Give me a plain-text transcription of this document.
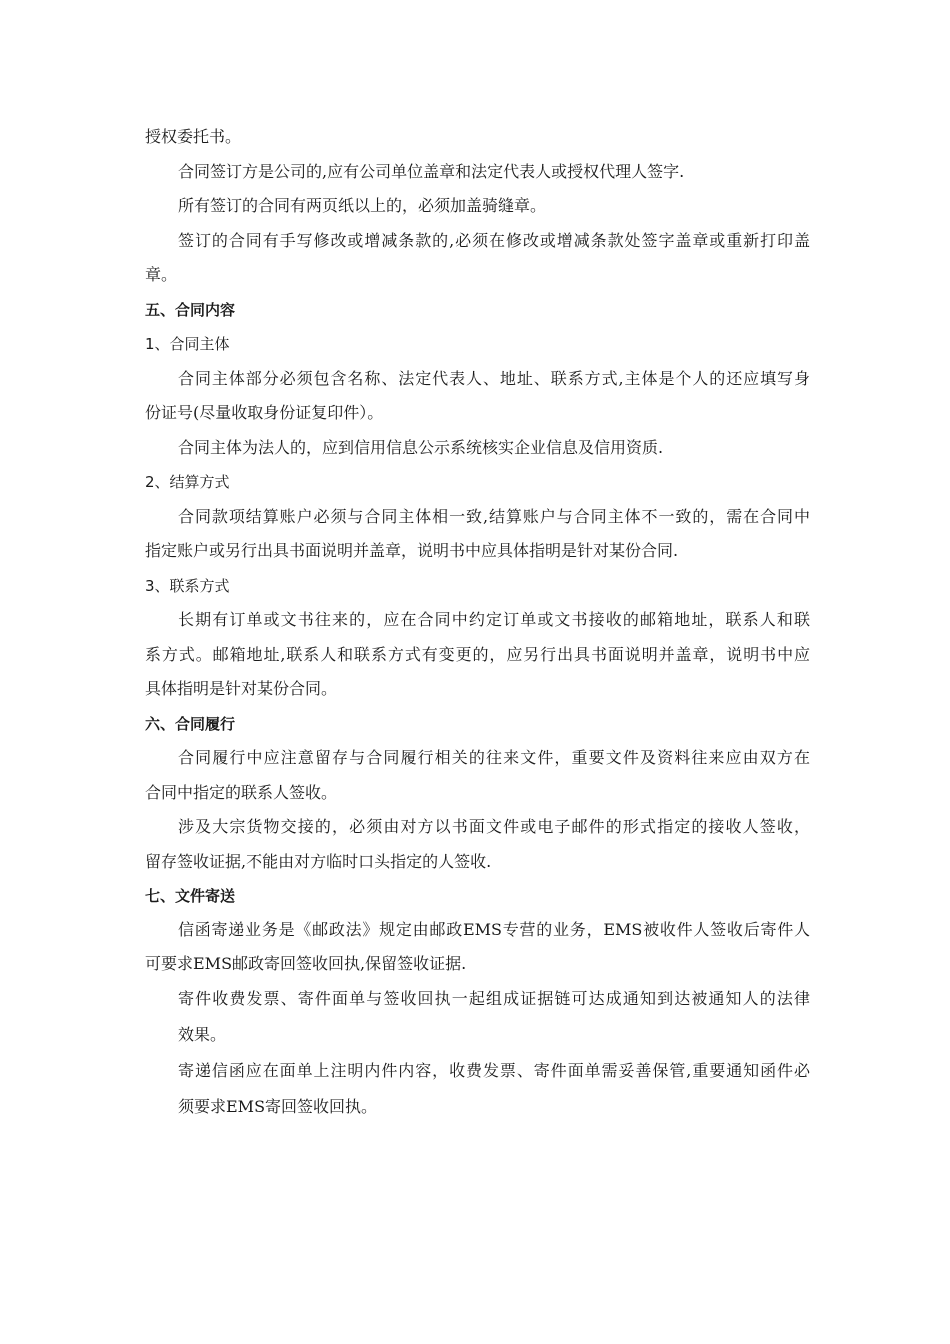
授权委托书。
合同签订方是公司的,应有公司单位盖章和法定代表人或授权代理人签字.
所有签订的合同有两页纸以上的，必须加盖骑缝章。
签订的合同有手写修改或增减条款的,必须在修改或增减条款处签字盖章或重新打印盖
章。
五、合同内容
1、合同主体
合同主体部分必须包含名称、法定代表人、地址、联系方式,主体是个人的还应填写身
份证号(尽量收取身份证复印件）。
合同主体为法人的，应到信用信息公示系统核实企业信息及信用资质.
2、结算方式
合同款项结算账户必须与合同主体相一致,结算账户与合同主体不一致的，需在合同中
指定账户或另行出具书面说明并盖章，说明书中应具体指明是针对某份合同.
3、联系方式
长期有订单或文书往来的，应在合同中约定订单或文书接收的邮箱地址，联系人和联
系方式。邮箱地址,联系人和联系方式有变更的，应另行出具书面说明并盖章，说明书中应
具体指明是针对某份合同。
六、合同履行
合同履行中应注意留存与合同履行相关的往来文件，重要文件及资料往来应由双方在
合同中指定的联系人签收。
涉及大宗货物交接的，必须由对方以书面文件或电子邮件的形式指定的接收人签收，
留存签收证据,不能由对方临时口头指定的人签收.
七、文件寄送
信函寄递业务是《邮政法》规定由邮政EMS专营的业务，EMS被收件人签收后寄件人
可要求EMS邮政寄回签收回执,保留签收证据.
寄件收费发票、寄件面单与签收回执一起组成证据链可达成通知到达被通知人的法律
效果。
寄递信函应在面单上注明内件内容，收费发票、寄件面单需妥善保管,重要通知函件必
须要求EMS寄回签收回执。
